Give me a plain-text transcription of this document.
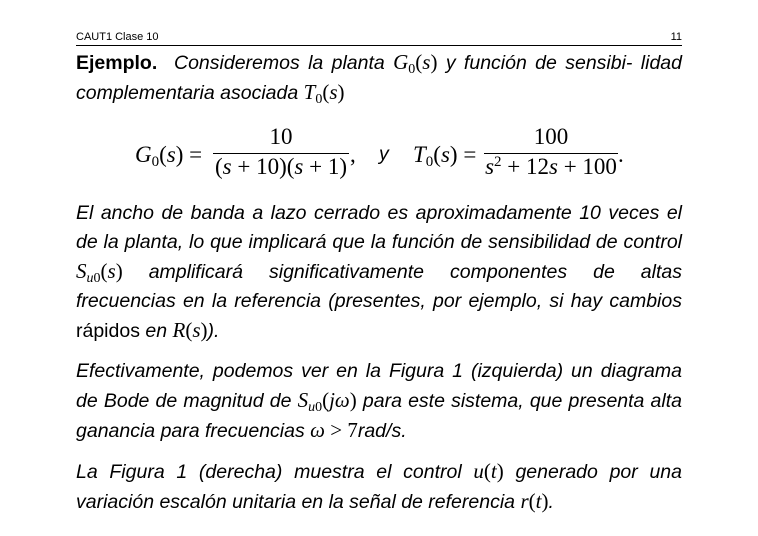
CAUT1 Clase 10	11
Ejemplo. Consideremos la planta $G_0(s)$ y función de sensibi- lidad complementaria asociada $T_0(s)$
$G_0(s)$ =
10
(s + 10)(s + 1) , y $T_0(s)$ =
100
$s^2 + 12s + 100$ .
El ancho de banda a lazo cerrado es aproximadamente 10 veces el de la planta, lo que implicará que la función de sensibilidad de control $S_{u0}(s)$ amplificará significativamente componentes de altas frecuencias en la referencia (presentes, por ejemplo, si hay cambios rápidos en R(s)).
Efectivamente, podemos ver en la Figura 1 (izquierda) un diagrama de Bode de magnitud de $S_{u0}(j\omega)$ para este sistema, que presenta alta ganancia para frecuencias ω > 7rad/s.
La Figura 1 (derecha) muestra el control u(t) generado por una variación escalón unitaria en la señal de referencia r(t).
